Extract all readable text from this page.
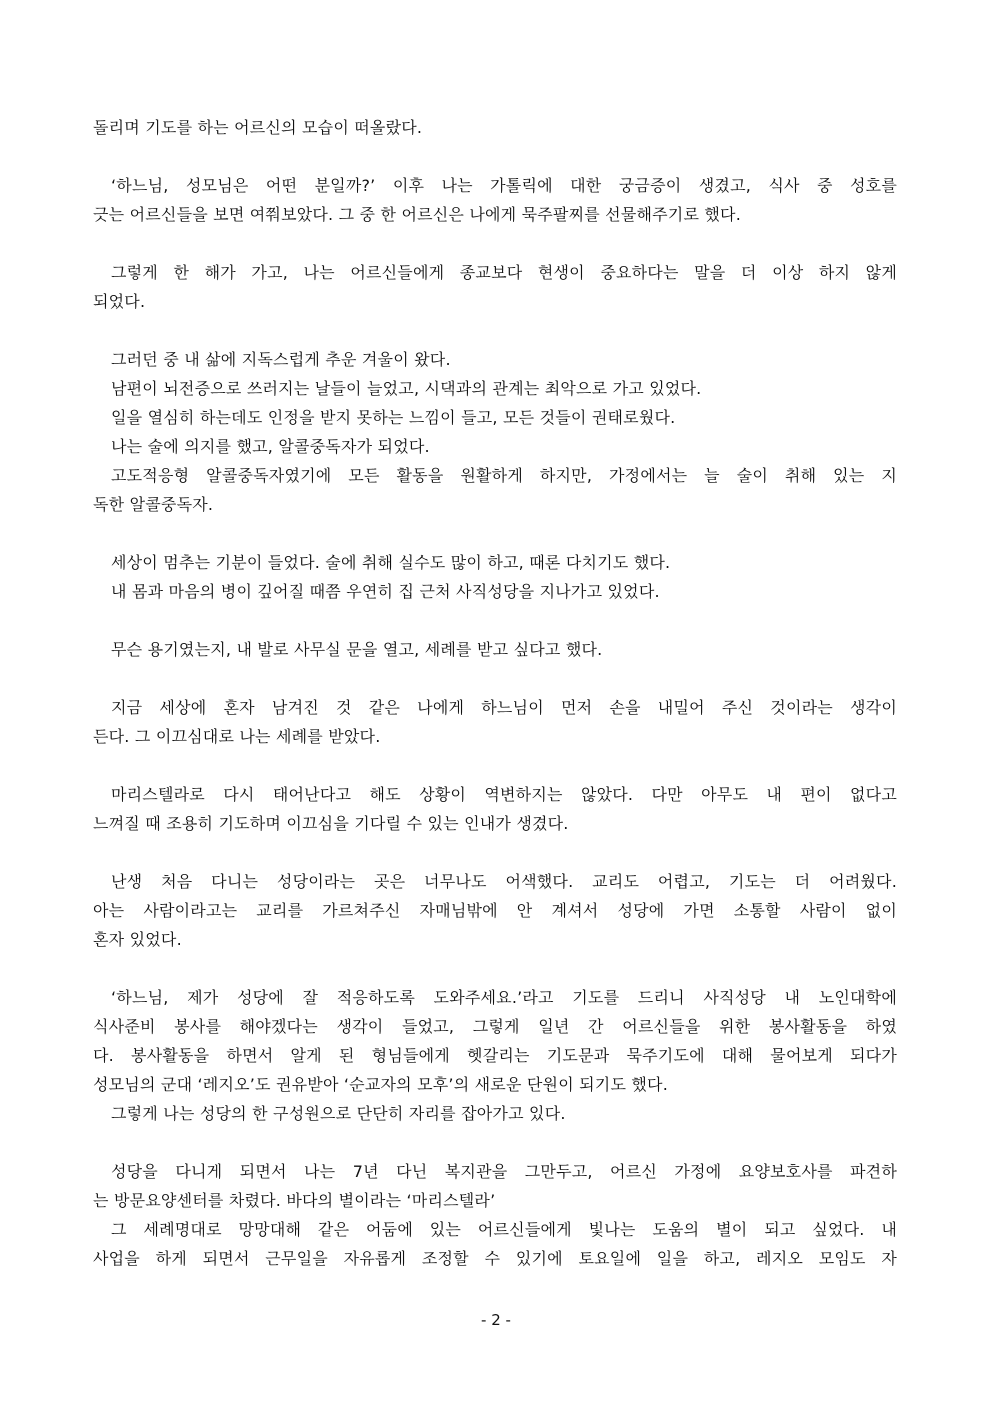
돌리며 기도를 하는 어르신의 모습이 떠올랐다.
‘하느님, 성모님은 어떤 분일까?’ 이후 나는 가톨릭에 대한 궁금증이 생겼고, 식사 중 성호를
긋는 어르신들을 보면 여쭤보았다. 그 중 한 어르신은 나에게 묵주팔찌를 선물해주기로 했다.
그렇게 한 해가 가고, 나는 어르신들에게 종교보다 현생이 중요하다는 말을 더 이상 하지 않게
되었다.
그러던 중 내 삶에 지독스럽게 추운 겨울이 왔다.
남편이 뇌전증으로 쓰러지는 날들이 늘었고, 시댁과의 관계는 최악으로 가고 있었다.
일을 열심히 하는데도 인정을 받지 못하는 느낌이 들고, 모든 것들이 권태로웠다.
나는 술에 의지를 했고, 알콜중독자가 되었다.
고도적응형 알콜중독자였기에 모든 활동을 원활하게 하지만, 가정에서는 늘 술이 취해 있는 지
독한 알콜중독자.
세상이 멈추는 기분이 들었다. 술에 취해 실수도 많이 하고, 때론 다치기도 했다.
내 몸과 마음의 병이 깊어질 때쯤 우연히 집 근처 사직성당을 지나가고 있었다.
무슨 용기였는지, 내 발로 사무실 문을 열고, 세례를 받고 싶다고 했다.
지금 세상에 혼자 남겨진 것 같은 나에게 하느님이 먼저 손을 내밀어 주신 것이라는 생각이
든다. 그 이끄심대로 나는 세례를 받았다.
마리스텔라로 다시 태어난다고 해도 상황이 역변하지는 않았다. 다만 아무도 내 편이 없다고
느껴질 때 조용히 기도하며 이끄심을 기다릴 수 있는 인내가 생겼다.
난생 처음 다니는 성당이라는 곳은 너무나도 어색했다. 교리도 어렵고, 기도는 더 어려웠다.
아는 사람이라고는 교리를 가르쳐주신 자매님밖에 안 계셔서 성당에 가면 소통할 사람이 없이
혼자 있었다.
‘하느님, 제가 성당에 잘 적응하도록 도와주세요.’라고 기도를 드리니 사직성당 내 노인대학에
식사준비 봉사를 해야겠다는 생각이 들었고, 그렇게 일년 간 어르신들을 위한 봉사활동을 하였
다. 봉사활동을 하면서 알게 된 형님들에게 헷갈리는 기도문과 묵주기도에 대해 물어보게 되다가
성모님의 군대 ‘레지오’도 권유받아 ‘순교자의 모후’의 새로운 단원이 되기도 했다.
그렇게 나는 성당의 한 구성원으로 단단히 자리를 잡아가고 있다.
성당을 다니게 되면서 나는 7년 다닌 복지관을 그만두고, 어르신 가정에 요양보호사를 파견하
는 방문요양센터를 차렸다. 바다의 별이라는 ‘마리스텔라’
그 세례명대로 망망대해 같은 어둠에 있는 어르신들에게 빛나는 도움의 별이 되고 싶었다. 내
사업을 하게 되면서 근무일을 자유롭게 조정할 수 있기에 토요일에 일을 하고, 레지오 모임도 자
- 2 -
